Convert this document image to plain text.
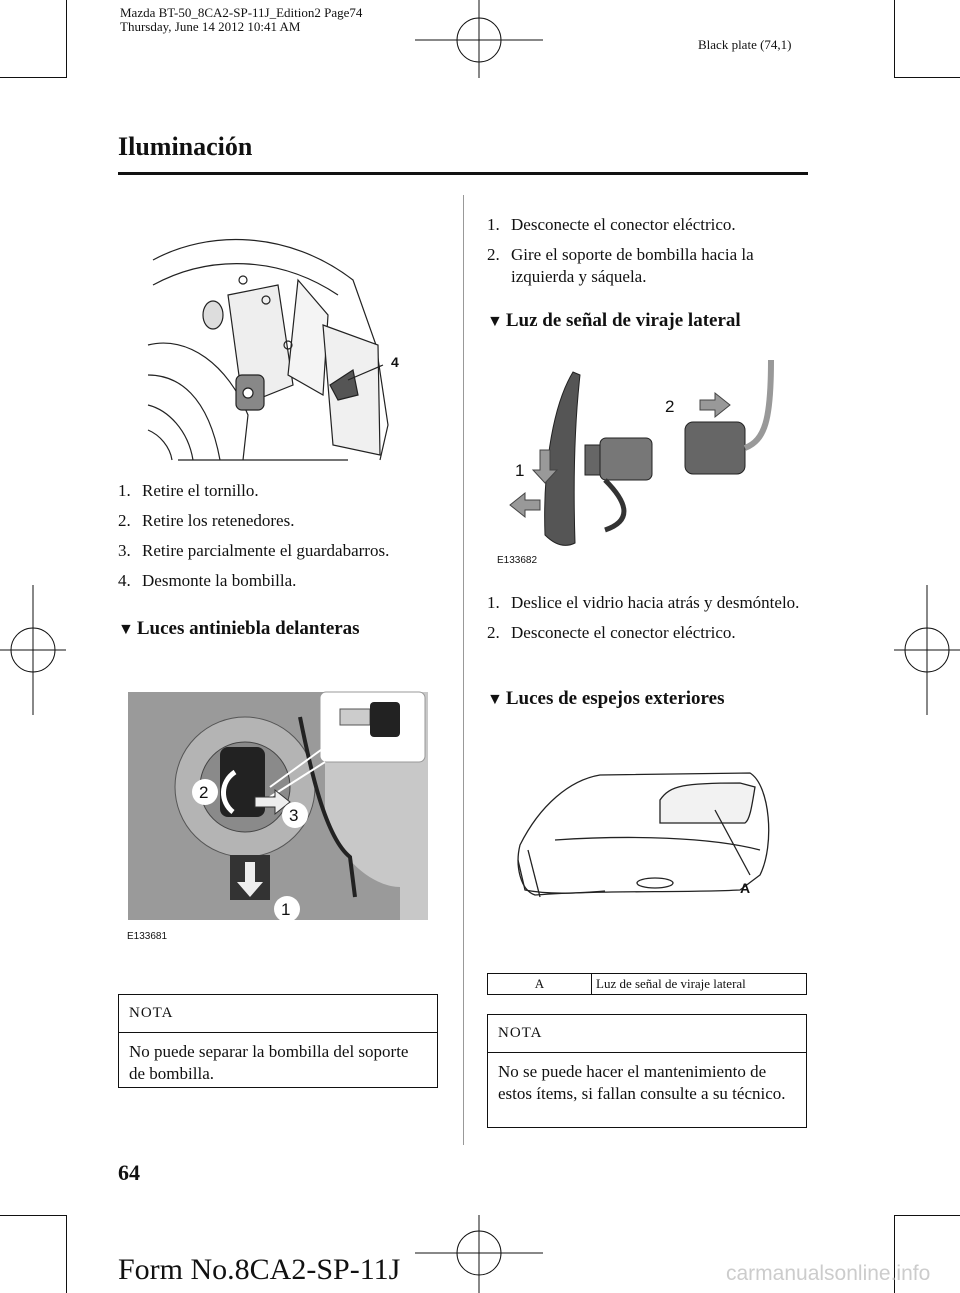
Mazda BT-50_8CA2-SP-11J_Edition2 Page74
Thursday, June 14 2012 10:41 AM
Black plate (74,1)
Iluminación
4
1. Retire el tornillo.
2. Retire los retenedores.
3. Retire parcialmente el guardabarros.
4. Desmonte la bombilla.
▼ Luces antiniebla delanteras
2
3
1
E133681
NOTA
No puede separar la bombilla del soporte de bombilla.
1. Desconecte el conector eléctrico.
2. Gire el soporte de bombilla hacia la izquierda y sáquela.
▼ Luz de señal de viraje lateral
2
1
E133682
1. Deslice el vidrio hacia atrás y desmóntelo.
2. Desconecte el conector eléctrico.
▼ Luces de espejos exteriores
A
A	Luz de señal de viraje lateral
NOTA
No se puede hacer el mantenimiento de estos ítems, si fallan consulte a su técnico.
64
Form No.8CA2-SP-11J	carmanualsonline.info
